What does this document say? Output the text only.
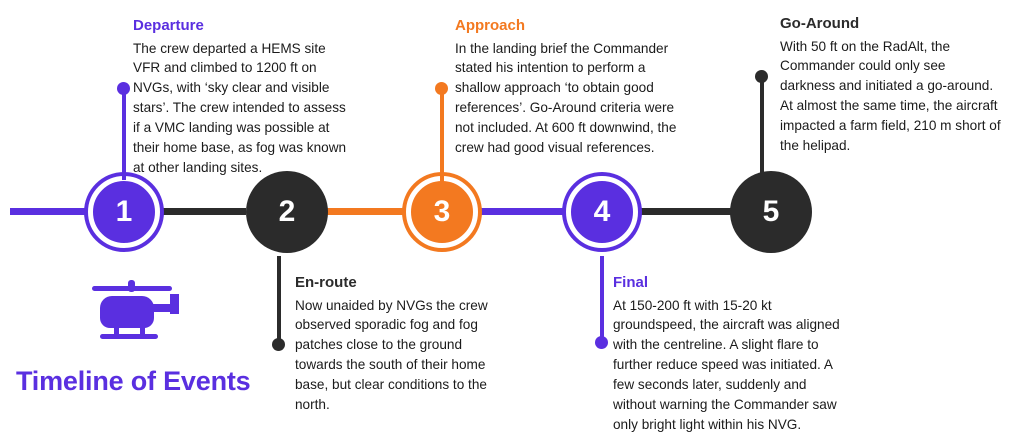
1	2	3	4	5

Departure

The crew departed a HEMS site VFR and climbed to 1200 ft on NVGs, with ‘sky clear and visible stars’. The crew intended to assess if a VMC landing was possible at their home base, as fog was known at other landing sites.

En-route

Now unaided by NVGs the crew observed sporadic fog and fog patches close to the ground towards the south of their home base, but clear conditions to the north.

Approach

In the landing brief the Commander stated his intention to perform a shallow approach ‘to obtain good references’. Go-Around criteria were not included. At 600 ft downwind, the crew had good visual references.

Final

At 150-200 ft with 15-20 kt groundspeed, the aircraft was aligned with the centreline. A slight flare to further reduce speed was initiated. A few seconds later, suddenly and without warning the Commander saw only bright light within his NVG.

Go-Around

With 50 ft on the RadAlt, the Commander could only see darkness and initiated a go-around. At almost the same time, the aircraft impacted a farm field, 210 m short of the helipad.

Timeline of Events
